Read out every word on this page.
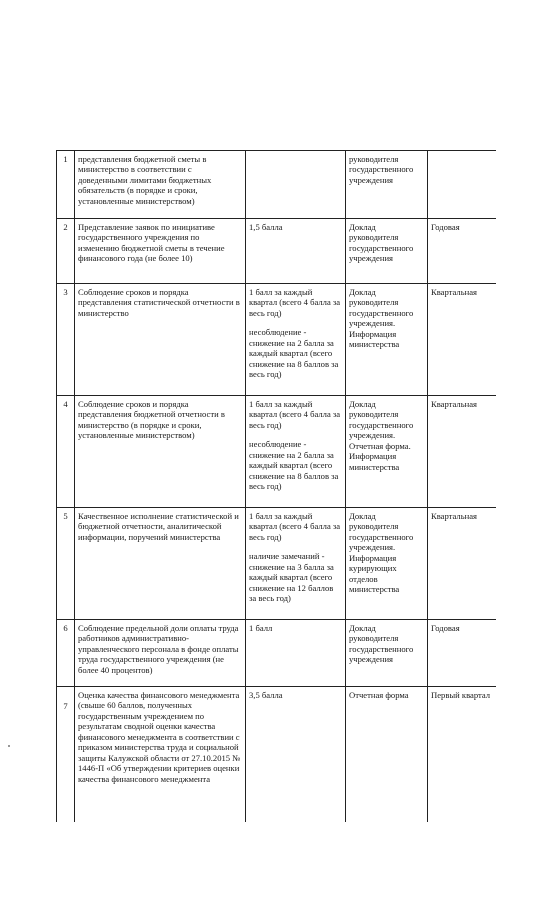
1	представления бюджетной сметы в министерство в соответствии с доведенными лимитами бюджетных обязательств (в порядке и сроки, установленные министерством)		руководителя государственного учреждения	
2	Представление заявок по инициативе государственного учреждения по изменению бюджетной сметы в течение финансового года (не более 10)	1,5 балла	Доклад руководителя государственного учреждения	Годовая
3	Соблюдение сроков и порядка представления статистической отчетности в министерство	1 балл за каждый квартал (всего 4 балла за весь год)
несоблюдение - снижение на 2 балла за каждый квартал (всего снижение на 8 баллов за весь год)	Доклад руководителя государственного учреждения. Информация министерства	Квартальная
4	Соблюдение сроков и порядка представления бюджетной отчетности в министерство (в порядке и сроки, установленные министерством)	1 балл за каждый квартал (всего 4 балла за весь год)
несоблюдение - снижение на 2 балла за каждый квартал (всего снижение на 8 баллов за весь год)	Доклад руководителя государственного учреждения. Отчетная форма. Информация министерства	Квартальная
5	Качественное исполнение статистической и бюджетной отчетности, аналитической информации, поручений министерства	1 балл за каждый квартал (всего 4 балла за весь год)
наличие замечаний - снижение на 3 балла за каждый квартал (всего снижение на 12 баллов за весь год)	Доклад руководителя государственного учреждения. Информация курирующих отделов министерства	Квартальная
6	Соблюдение предельной доли оплаты труда работников административно-управленческого персонала в фонде оплаты труда государственного учреждения (не более 40 процентов)	1 балл	Доклад руководителя государственного учреждения	Годовая
7	Оценка качества финансового менеджмента (свыше 60 баллов, полученных государственным учреждением по результатам сводной оценки качества финансового менеджмента в соответствии с приказом министерства труда и социальной защиты Калужской области от 27.10.2015 № 1446-П «Об утверждении критериев оценки качества финансового менеджмента	3,5 балла	Отчетная форма	Первый квартал
